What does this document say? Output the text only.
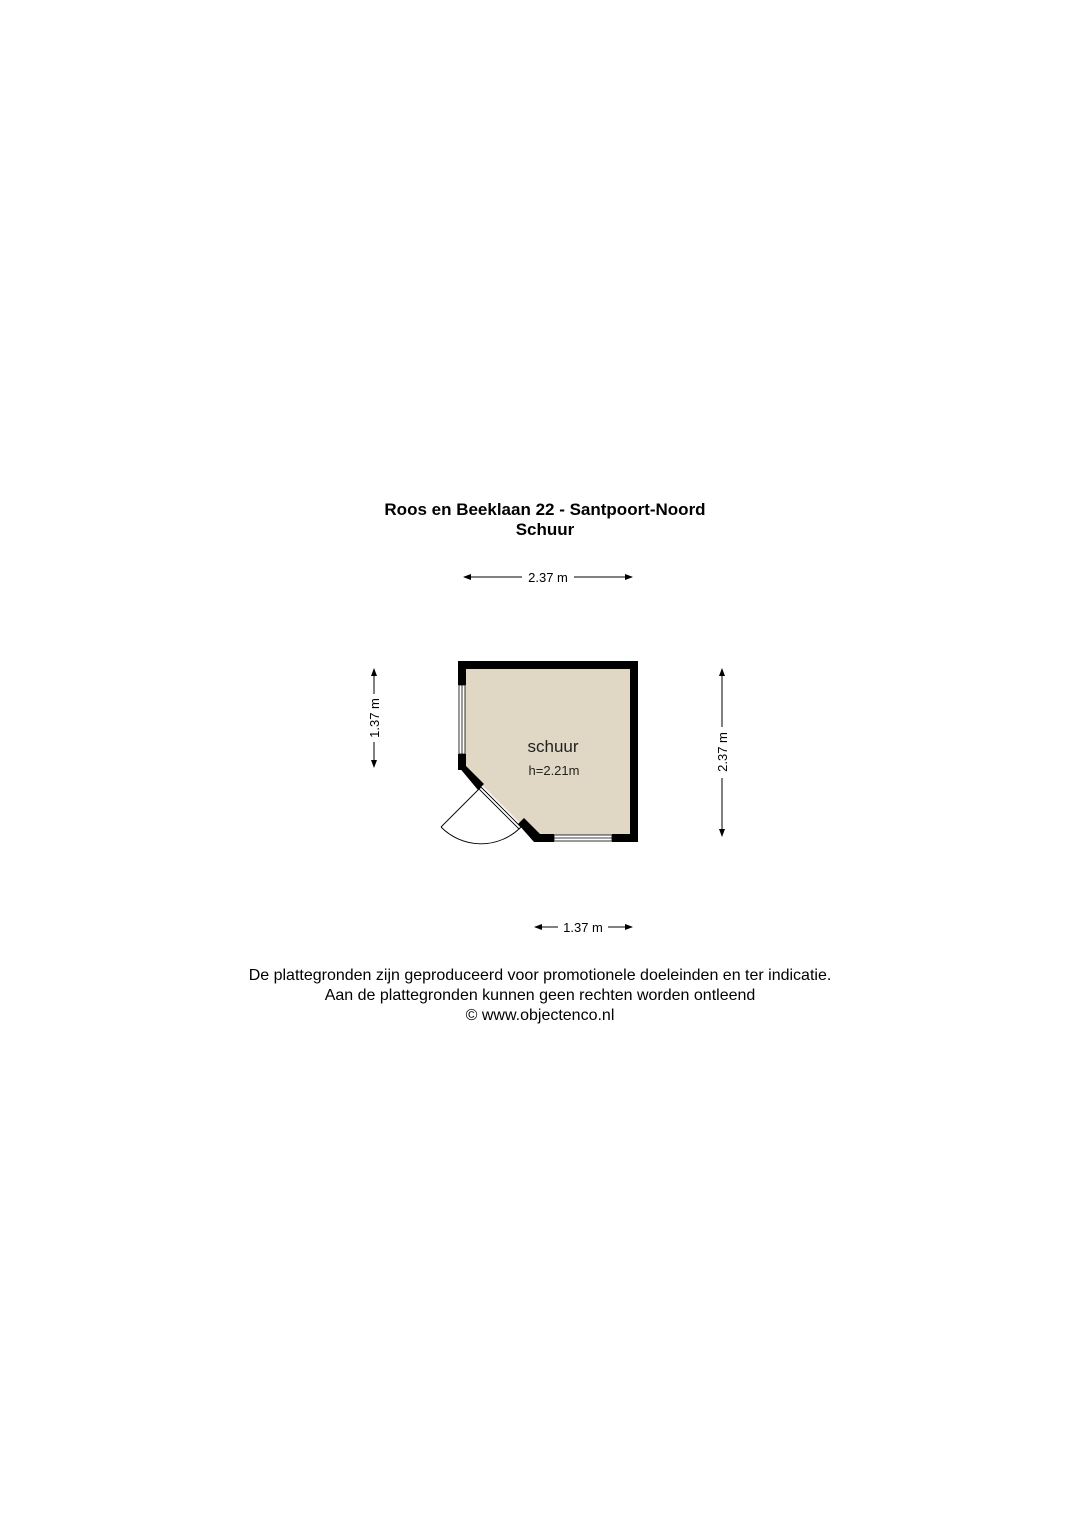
Roos en Beeklaan 22 - Santpoort-Noord
Schuur
2.37 m
1.37 m
2.37 m
1.37 m
schuur
h=2.21m
De plattegronden zijn geproduceerd voor promotionele doeleinden en ter indicatie.
Aan de plattegronden kunnen geen rechten worden ontleend
© www.objectenco.nl
